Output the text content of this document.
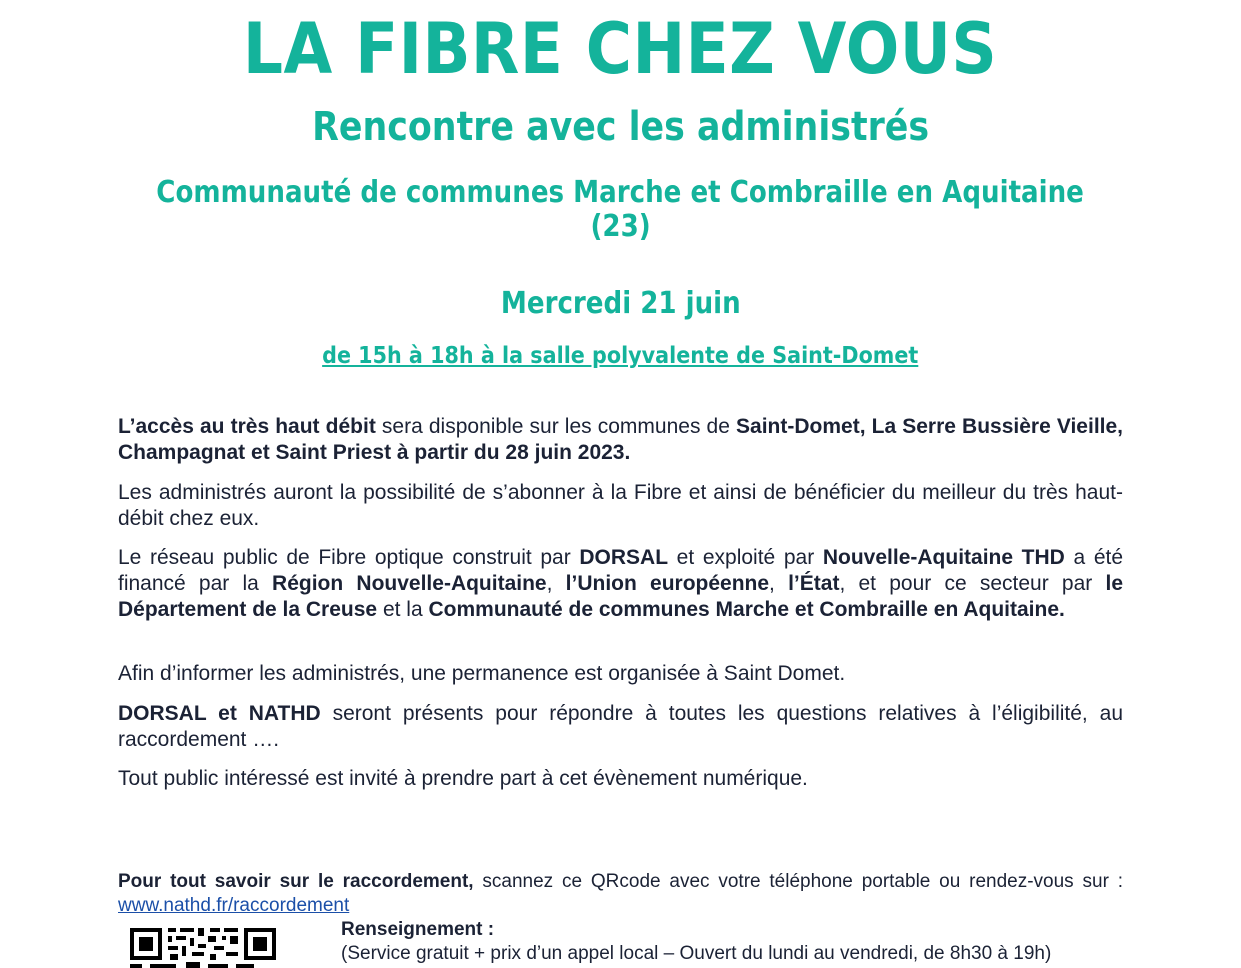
LA FIBRE CHEZ VOUS
Rencontre avec les administrés
Communauté de communes Marche et Combraille en Aquitaine
(23)
Mercredi 21 juin
de 15h à 18h à la salle polyvalente de Saint-Domet
L’accès au très haut débit sera disponible sur les communes de Saint-Domet, La Serre Bussière Vieille, Champagnat et Saint Priest à partir du 28 juin 2023.
Les administrés auront la possibilité de s’abonner à la Fibre et ainsi de bénéficier du meilleur du très haut-débit chez eux.
Le réseau public de Fibre optique construit par DORSAL et exploité par Nouvelle-Aquitaine THD a été financé par la Région Nouvelle-Aquitaine, l’Union européenne, l’État, et pour ce secteur par le Département de la Creuse et la Communauté de communes Marche et Combraille en Aquitaine.
Afin d’informer les administrés, une permanence est organisée à Saint Domet.
DORSAL et NATHD seront présents pour répondre à toutes les questions relatives à l’éligibilité, au raccordement ….
Tout public intéressé est invité à prendre part à cet évènement numérique.
Pour tout savoir sur le raccordement, scannez ce QRcode avec votre téléphone portable ou rendez-vous sur : www.nathd.fr/raccordement
Renseignement :
(Service gratuit + prix d’un appel local – Ouvert du lundi au vendredi, de 8h30 à 19h)
